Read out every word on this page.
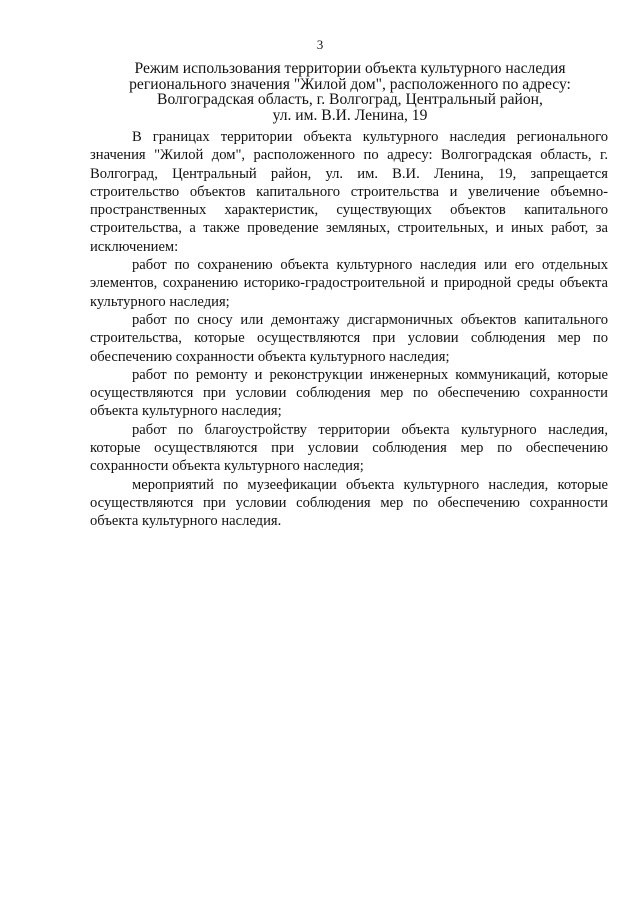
3
Режим использования территории объекта культурного наследия
регионального значения "Жилой дом", расположенного по адресу:
Волгоградская область, г. Волгоград, Центральный район,
ул. им. В.И. Ленина, 19

В границах территории объекта культурного наследия регионального значения "Жилой дом", расположенного по адресу: Волгоградская область, г. Волгоград, Центральный район, ул. им. В.И. Ленина, 19, запрещается строительство объектов капитального строительства и увеличение объемно-пространственных характеристик, существующих объектов капитального строительства, а также проведение земляных, строительных, и иных работ, за исключением:

работ по сохранению объекта культурного наследия или его отдельных элементов, сохранению историко-градостроительной и природной среды объекта культурного наследия;

работ по сносу или демонтажу дисгармоничных объектов капитального строительства, которые осуществляются при условии соблюдения мер по обеспечению сохранности объекта культурного наследия;

работ по ремонту и реконструкции инженерных коммуникаций, которые осуществляются при условии соблюдения мер по обеспечению сохранности объекта культурного наследия;

работ по благоустройству территории объекта культурного наследия, которые осуществляются при условии соблюдения мер по обеспечению сохранности объекта культурного наследия;

мероприятий по музеефикации объекта культурного наследия, которые осуществляются при условии соблюдения мер по обеспечению сохранности объекта культурного наследия.
